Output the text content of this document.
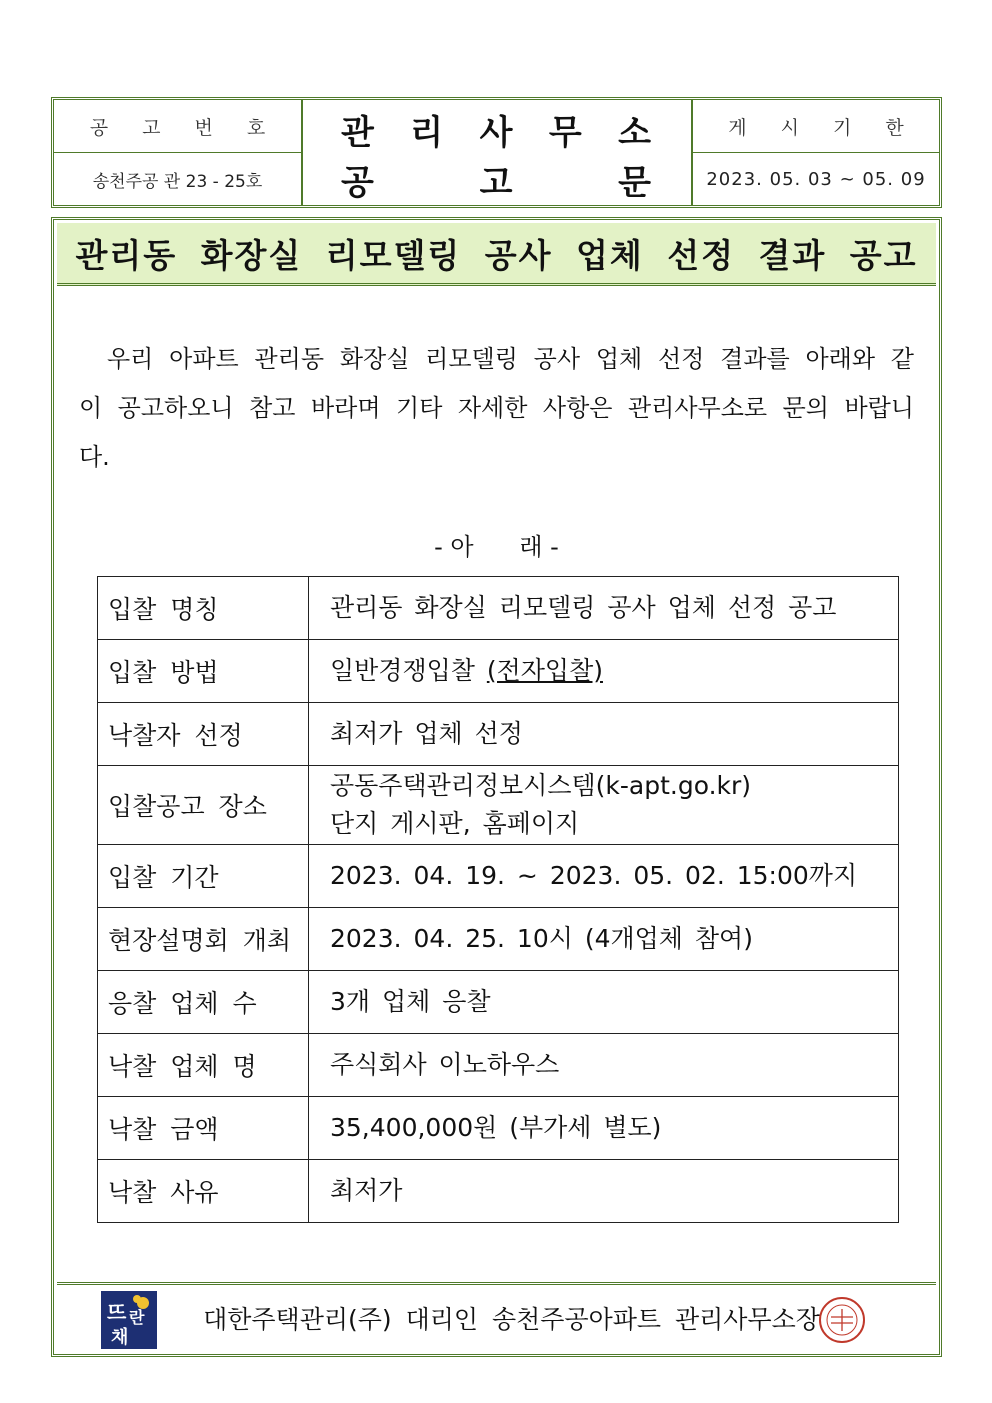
공 고 번 호
송천주공 관 23 - 25호
관 리 사 무 소
공 고 문
게 시 기 한
2023. 05. 03 ~ 05. 09
관리동 화장실 리모델링 공사 업체 선정 결과 공고
우리 아파트 관리동 화장실 리모델링 공사 업체 선정 결과를 아래와 같이 공고하오니 참고 바라며 기타 자세한 사항은 관리사무소로 문의 바랍니다.
- 아      래 -
입찰 명칭	관리동 화장실 리모델링 공사 업체 선정 공고
입찰 방법	일반경쟁입찰 (전자입찰)
낙찰자 선정	최저가 업체 선정
입찰공고 장소	공동주택관리정보시스템(k-apt.go.kr)
단지 게시판, 홈페이지

입찰 기간	2023. 04. 19. ~ 2023. 05. 02. 15:00까지
현장설명회 개최	2023. 04. 25. 10시 (4개업체 참여)
응찰 업체 수	3개 업체 응찰
낙찰 업체 명	주식회사 이노하우스
낙찰 금액	35,400,000원 (부가세 별도)
낙찰 사유	최저가
뜨 란
채
대한주택관리(주) 대리인 송천주공아파트 관리사무소장
